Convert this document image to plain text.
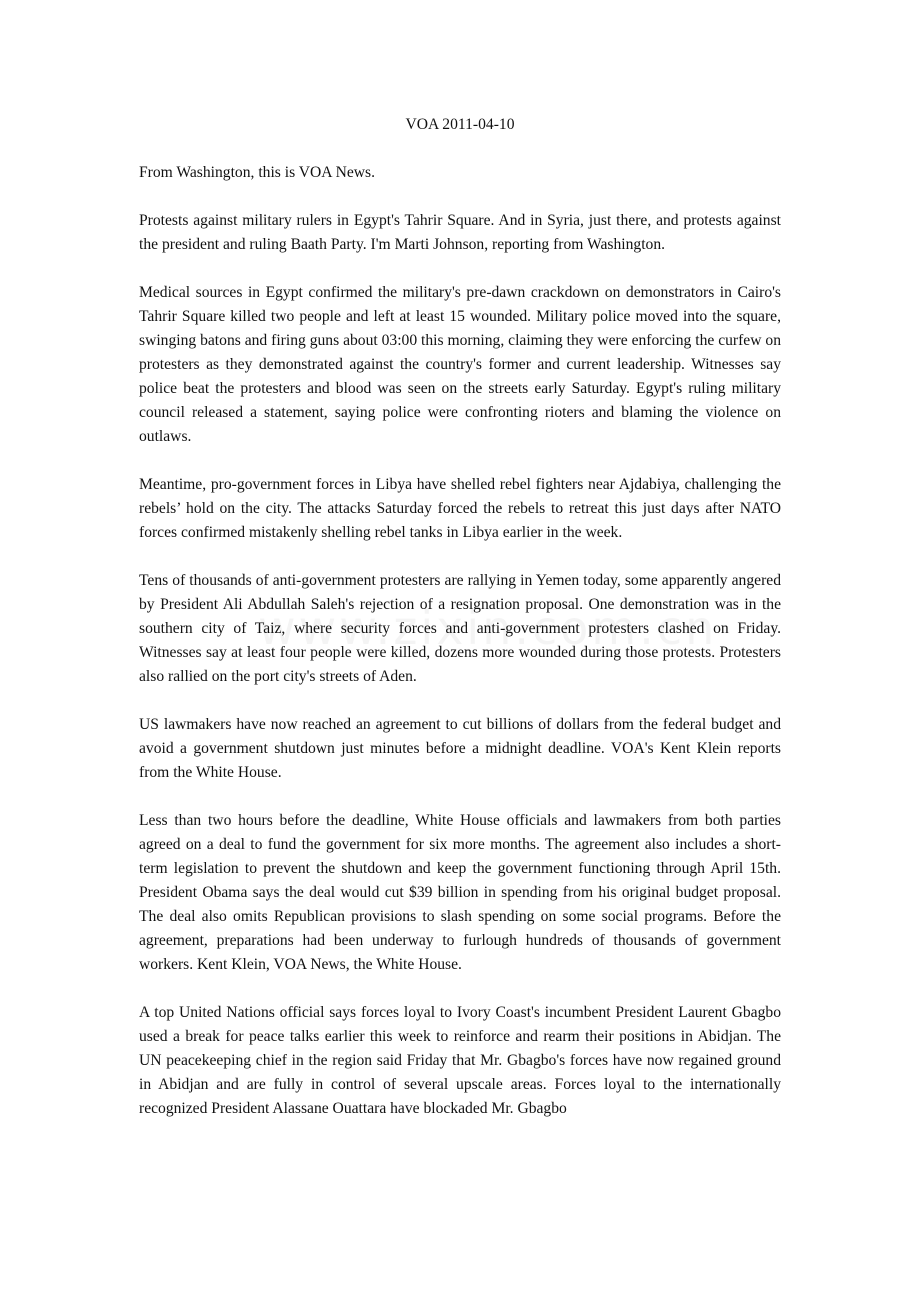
VOA 2011-04-10

From Washington, this is VOA News.

Protests against military rulers in Egypt's Tahrir Square. And in Syria, just there, and protests against the president and ruling Baath Party. I'm Marti Johnson, reporting from Washington.

Medical sources in Egypt confirmed the military's pre-dawn crackdown on demonstrators in Cairo's Tahrir Square killed two people and left at least 15 wounded. Military police moved into the square, swinging batons and firing guns about 03:00 this morning, claiming they were enforcing the curfew on protesters as they demonstrated against the country's former and current leadership. Witnesses say police beat the protesters and blood was seen on the streets early Saturday. Egypt's ruling military council released a statement, saying police were confronting rioters and blaming the violence on outlaws.

Meantime, pro-government forces in Libya have shelled rebel fighters near Ajdabiya, challenging the rebels’ hold on the city. The attacks Saturday forced the rebels to retreat this just days after NATO forces confirmed mistakenly shelling rebel tanks in Libya earlier in the week.

Tens of thousands of anti-government protesters are rallying in Yemen today, some apparently angered by President Ali Abdullah Saleh's rejection of a resignation proposal. One demonstration was in the southern city of Taiz, where security forces and anti-government protesters clashed on Friday. Witnesses say at least four people were killed, dozens more wounded during those protests. Protesters also rallied on the port city's streets of Aden.

US lawmakers have now reached an agreement to cut billions of dollars from the federal budget and avoid a government shutdown just minutes before a midnight deadline. VOA's Kent Klein reports from the White House.

Less than two hours before the deadline, White House officials and lawmakers from both parties agreed on a deal to fund the government for six more months. The agreement also includes a short-term legislation to prevent the shutdown and keep the government functioning through April 15th. President Obama says the deal would cut $39 billion in spending from his original budget proposal. The deal also omits Republican provisions to slash spending on some social programs. Before the agreement, preparations had been underway to furlough hundreds of thousands of government workers. Kent Klein, VOA News, the White House.

A top United Nations official says forces loyal to Ivory Coast's incumbent President Laurent Gbagbo used a break for peace talks earlier this week to reinforce and rearm their positions in Abidjan. The UN peacekeeping chief in the region said Friday that Mr. Gbagbo's forces have now regained ground in Abidjan and are fully in control of several upscale areas. Forces loyal to the internationally recognized President Alassane Ouattara have blockaded Mr. Gbagbo
